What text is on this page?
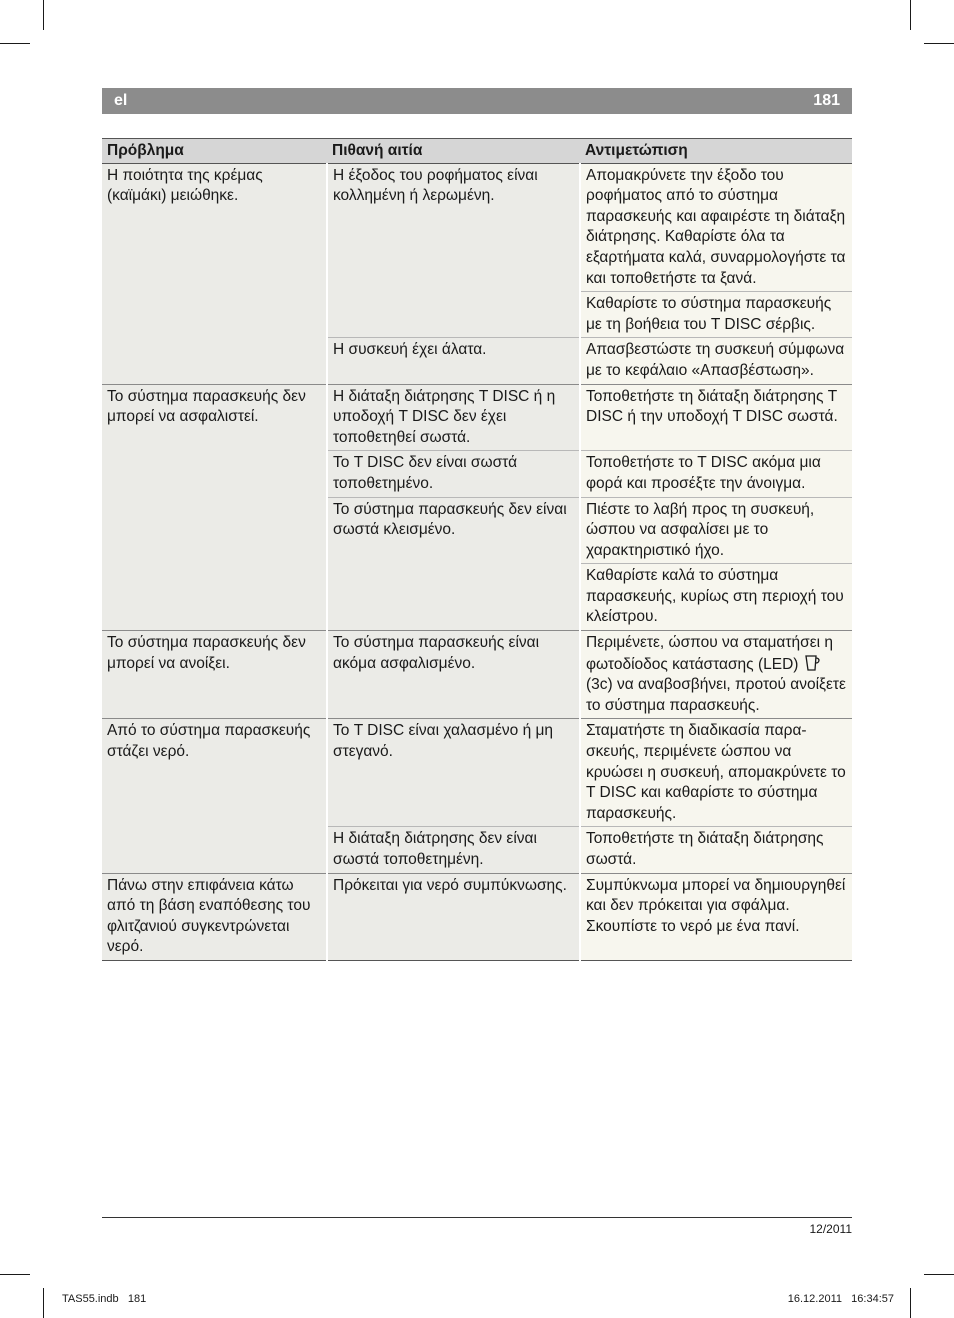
el	181
Πρόβλημα	Πιθανή αιτία	Αντιμετώπιση
Η ποιότητα της κρέμας (καϊμάκι) μειώθηκε.	Η έξοδος του ροφήματος είναι κολλημένη ή λερωμένη.	Απομακρύνετε την έξοδο του ροφήματος από το σύστημα παρασκευής και αφαιρέστε τη διάταξη διάτρησης. Καθαρίστε όλα τα εξαρτήματα καλά, συναρμολογήστε τα και τοποθετήστε τα ξανά.
		Καθαρίστε το σύστημα παρασκευής με τη βοήθεια του T DISC σέρβις.
	Η συσκευή έχει άλατα.	Απασβεστώστε τη συσκευή σύμφωνα με το κεφάλαιο «Απασβέστωση».
Το σύστημα παρασκευής δεν μπορεί να ασφαλιστεί.	Η διάταξη διάτρησης T DISC ή η υποδοχή T DISC δεν έχει τοποθετηθεί σωστά.	Τοποθετήστε τη διάταξη διάτρησης T DISC ή την υποδοχή T DISC σωστά.
	Το T DISC δεν είναι σωστά τοποθετημένο.	Τοποθετήστε το T DISC ακόμα μια φορά και προσέξτε την άνοιγμα.
	Το σύστημα παρασκευής δεν είναι σωστά κλεισμένο.	Πιέστε το λαβή προς τη συσκευή, ώσπου να ασφαλίσει με το χαρακτηριστικό ήχο.
		Καθαρίστε καλά το σύστημα παρασκευής, κυρίως στη περιοχή του κλείστρου.
Το σύστημα παρασκευής δεν μπορεί να ανοίξει.	Το σύστημα παρασκευής είναι ακόμα ασφαλισμένο.	Περιμένετε, ώσπου να σταματήσει η φωτοδίοδος κατάστασης (LED)  (3c) να αναβοσβήνει, προτού ανοίξετε το σύστημα παρασκευής.
Από το σύστημα παρασκευής στάζει νερό.	Το T DISC είναι χαλασμένο ή μη στεγανό.	Σταματήστε τη διαδικασία παρασκευής, περιμένετε ώσπου να κρυώσει η συσκευή, απομακρύνετε το T DISC και καθαρίστε το σύστημα παρασκευής.
	Η διάταξη διάτρησης δεν είναι σωστά τοποθετημένη.	Τοποθετήστε τη διάταξη διάτρησης σωστά.
Πάνω στην επιφάνεια κάτω από τη βάση εναπόθεσης του φλιτζανιού συγκεντρώνεται νερό.	Πρόκειται για νερό συμπύκνωσης.	Συμπύκνωμα μπορεί να δημιουργηθεί και δεν πρόκειται για σφάλμα. Σκουπίστε το νερό με ένα πανί.
12/2011
TAS55.indb   181	16.12.2011   16:34:57
